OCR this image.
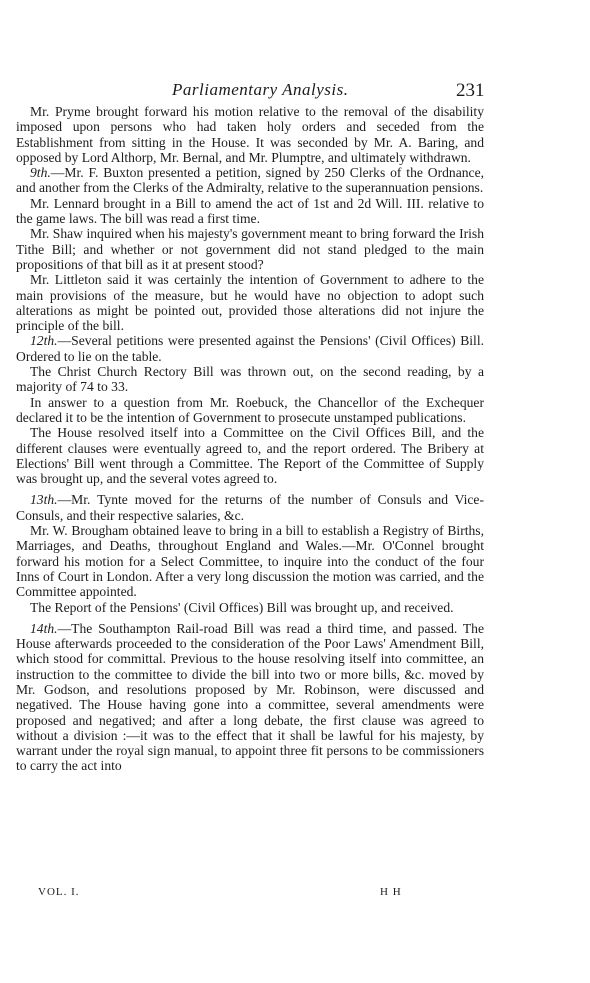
Parliamentary Analysis.	231

Mr. Pryme brought forward his motion relative to the removal of the disability imposed upon persons who had taken holy orders and seceded from the Establishment from sitting in the House. It was seconded by Mr. A. Baring, and opposed by Lord Althorp, Mr. Bernal, and Mr. Plumptre, and ultimately withdrawn.

9th.—Mr. F. Buxton presented a petition, signed by 250 Clerks of the Ordnance, and another from the Clerks of the Admiralty, relative to the superannuation pensions.

Mr. Lennard brought in a Bill to amend the act of 1st and 2d Will. III. relative to the game laws. The bill was read a first time.

Mr. Shaw inquired when his majesty's government meant to bring forward the Irish Tithe Bill; and whether or not government did not stand pledged to the main propositions of that bill as it at present stood?

Mr. Littleton said it was certainly the intention of Government to adhere to the main provisions of the measure, but he would have no objection to adopt such alterations as might be pointed out, provided those alterations did not injure the principle of the bill.

12th.—Several petitions were presented against the Pensions' (Civil Offices) Bill. Ordered to lie on the table.

The Christ Church Rectory Bill was thrown out, on the second reading, by a majority of 74 to 33.

In answer to a question from Mr. Roebuck, the Chancellor of the Exchequer declared it to be the intention of Government to prosecute unstamped publications.

The House resolved itself into a Committee on the Civil Offices Bill, and the different clauses were eventually agreed to, and the report ordered. The Bribery at Elections' Bill went through a Committee. The Report of the Committee of Supply was brought up, and the several votes agreed to.

13th.—Mr. Tynte moved for the returns of the number of Consuls and Vice-Consuls, and their respective salaries, &c.

Mr. W. Brougham obtained leave to bring in a bill to establish a Registry of Births, Marriages, and Deaths, throughout England and Wales.—Mr. O'Connel brought forward his motion for a Select Committee, to inquire into the conduct of the four Inns of Court in London. After a very long discussion the motion was carried, and the Committee appointed.

The Report of the Pensions' (Civil Offices) Bill was brought up, and received.

14th.—The Southampton Rail-road Bill was read a third time, and passed. The House afterwards proceeded to the consideration of the Poor Laws' Amendment Bill, which stood for committal. Previous to the house resolving itself into committee, an instruction to the committee to divide the bill into two or more bills, &c. moved by Mr. Godson, and resolutions proposed by Mr. Robinson, were discussed and negatived. The House having gone into a committee, several amendments were proposed and negatived; and after a long debate, the first clause was agreed to without a division :—it was to the effect that it shall be lawful for his majesty, by warrant under the royal sign manual, to appoint three fit persons to be commissioners to carry the act into

VOL. I.	H H
